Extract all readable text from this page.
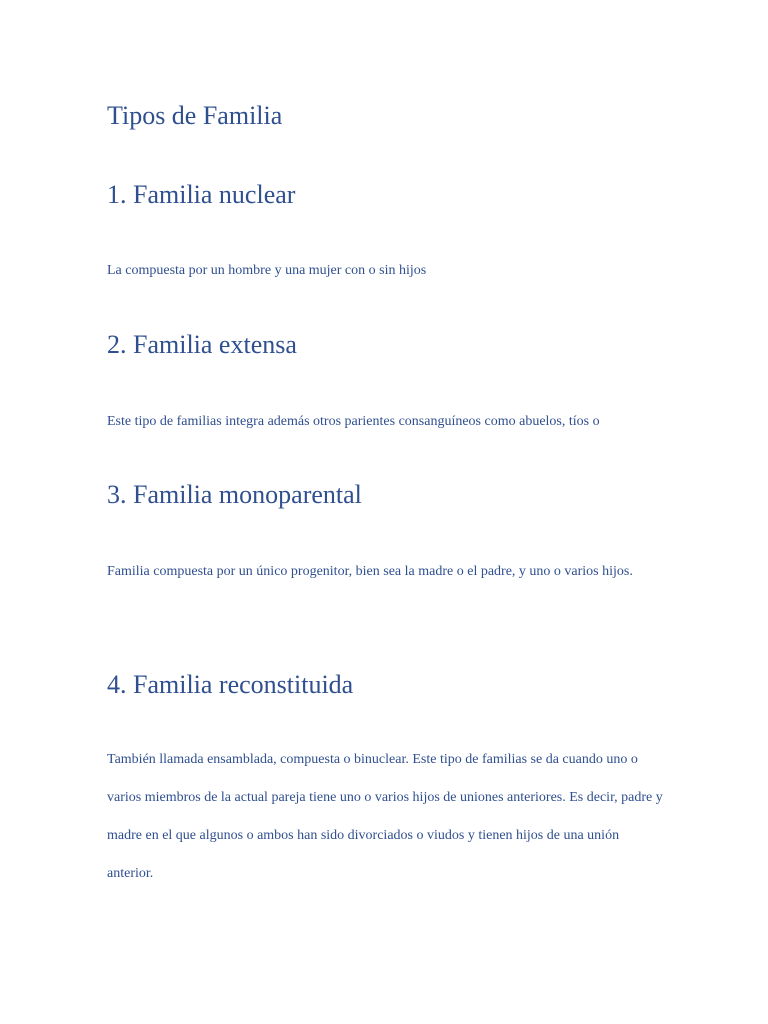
Tipos de Familia
1. Familia nuclear

La compuesta por un hombre y una mujer con o sin hijos

2. Familia extensa

Este tipo de familias integra además otros parientes consanguíneos como abuelos, tíos o

3. Familia monoparental

Familia compuesta por un único progenitor, bien sea la madre o el padre, y uno o varios hijos.

4. Familia reconstituida

También llamada ensamblada, compuesta o binuclear. Este tipo de familias se da cuando uno o varios miembros de la actual pareja tiene uno o varios hijos de uniones anteriores. Es decir, padre y madre en el que algunos o ambos han sido divorciados o viudos y tienen hijos de una unión anterior.
